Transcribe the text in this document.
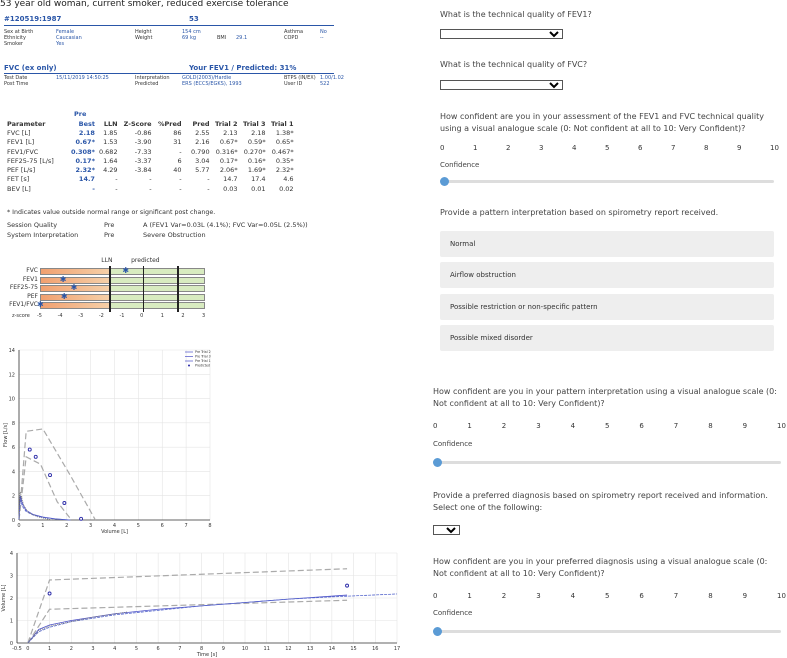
53 year old woman, current smoker, reduced exercise tolerance
#120519:1987	53
Sex at Birth	Female	Height	154 cm	Asthma	No
Ethnicity	Caucasian	Weight	69 kg	BMI 29.1	COPD	--
Smoker	Yes
FVC (ex only)	Your FEV1 / Predicted: 31%
Test Date	15/11/2019 14:50:25	Interpretation GOLD(2003)/Hardie	BTPS (IN/EX) 1.00/1.02
Post Time	Predicted	ERS (ECCS/EGKS), 1993	User ID	522
Pre
Parameter	Best	LLN	Z-Score	%Pred	Pred	Trial 2	Trial 3	Trial 1
FVC [L]	2.18	1.85	-0.86	86	2.55	2.13	2.18	1.38*
FEV1 [L]	0.67*	1.53	-3.90	31	2.16	0.67*	0.59*	0.65*
FEV1/FVC	0.308*	0.682	-7.33	-	0.790	0.316*	0.270*	0.467*
FEF25-75 [L/s]	0.17*	1.64	-3.37	6	3.04	0.17*	0.16*	0.35*
PEF [L/s]	2.32*	4.29	-3.84	40	5.77	2.06*	1.69*	2.32*
FET [s]	14.7	-	-	-	-	14.7	17.4	4.6
BEV [L]	-	-	-	-	-	0.03	0.01	0.02
* Indicates value outside normal range or significant post change.
Session Quality	Pre	A (FEV1 Var=0.03L (4.1%); FVC Var=0.05L (2.5%))
System Interpretation	Pre	Severe Obstruction
LLN	predicted
FVC	✱
FEV1	✱
FEF25-75	✱
PEF	✱
FEV1/FVC ✱
z-score -5	-4	-3	-2	-1	0	1	2	3
0	1	2	3	4	5	6	7	8
0
2
4
6
8
10
12
14
Volume [L]
Flow [L/s]
Pre Trial 2
Pre Trial 3
Pre Trial 1
Predicted
-0.5 0	1	2	3	4	5	6	7	8	9	10	11	12	13	14	15	16	17
0
1
2
3
4
Time [s]
Volume [L]
What is the technical quality of FEV1?
What is the technical quality of FVC?
How confident are you in your assessment of the FEV1 and FVC technical quality using a visual analogue scale (0: Not confident at all to 10: Very Confident)?
0	1	2	3	4	5	6	7	8	9	10
Confidence
Provide a pattern interpretation based on spirometry report received.
Normal
Airflow obstruction
Possible restriction or non-specific pattern
Possible mixed disorder
How confident are you in your pattern interpretation using a visual analogue scale (0: Not confident at all to 10: Very Confident)?
0	1	2	3	4	5	6	7	8	9	10
Confidence
Provide a preferred diagnosis based on spirometry report received and information. Select one of the following:
How confident are you in your preferred diagnosis using a visual analogue scale (0: Not confident at all to 10: Very Confident)?
0	1	2	3	4	5	6	7	8	9	10
Confidence
